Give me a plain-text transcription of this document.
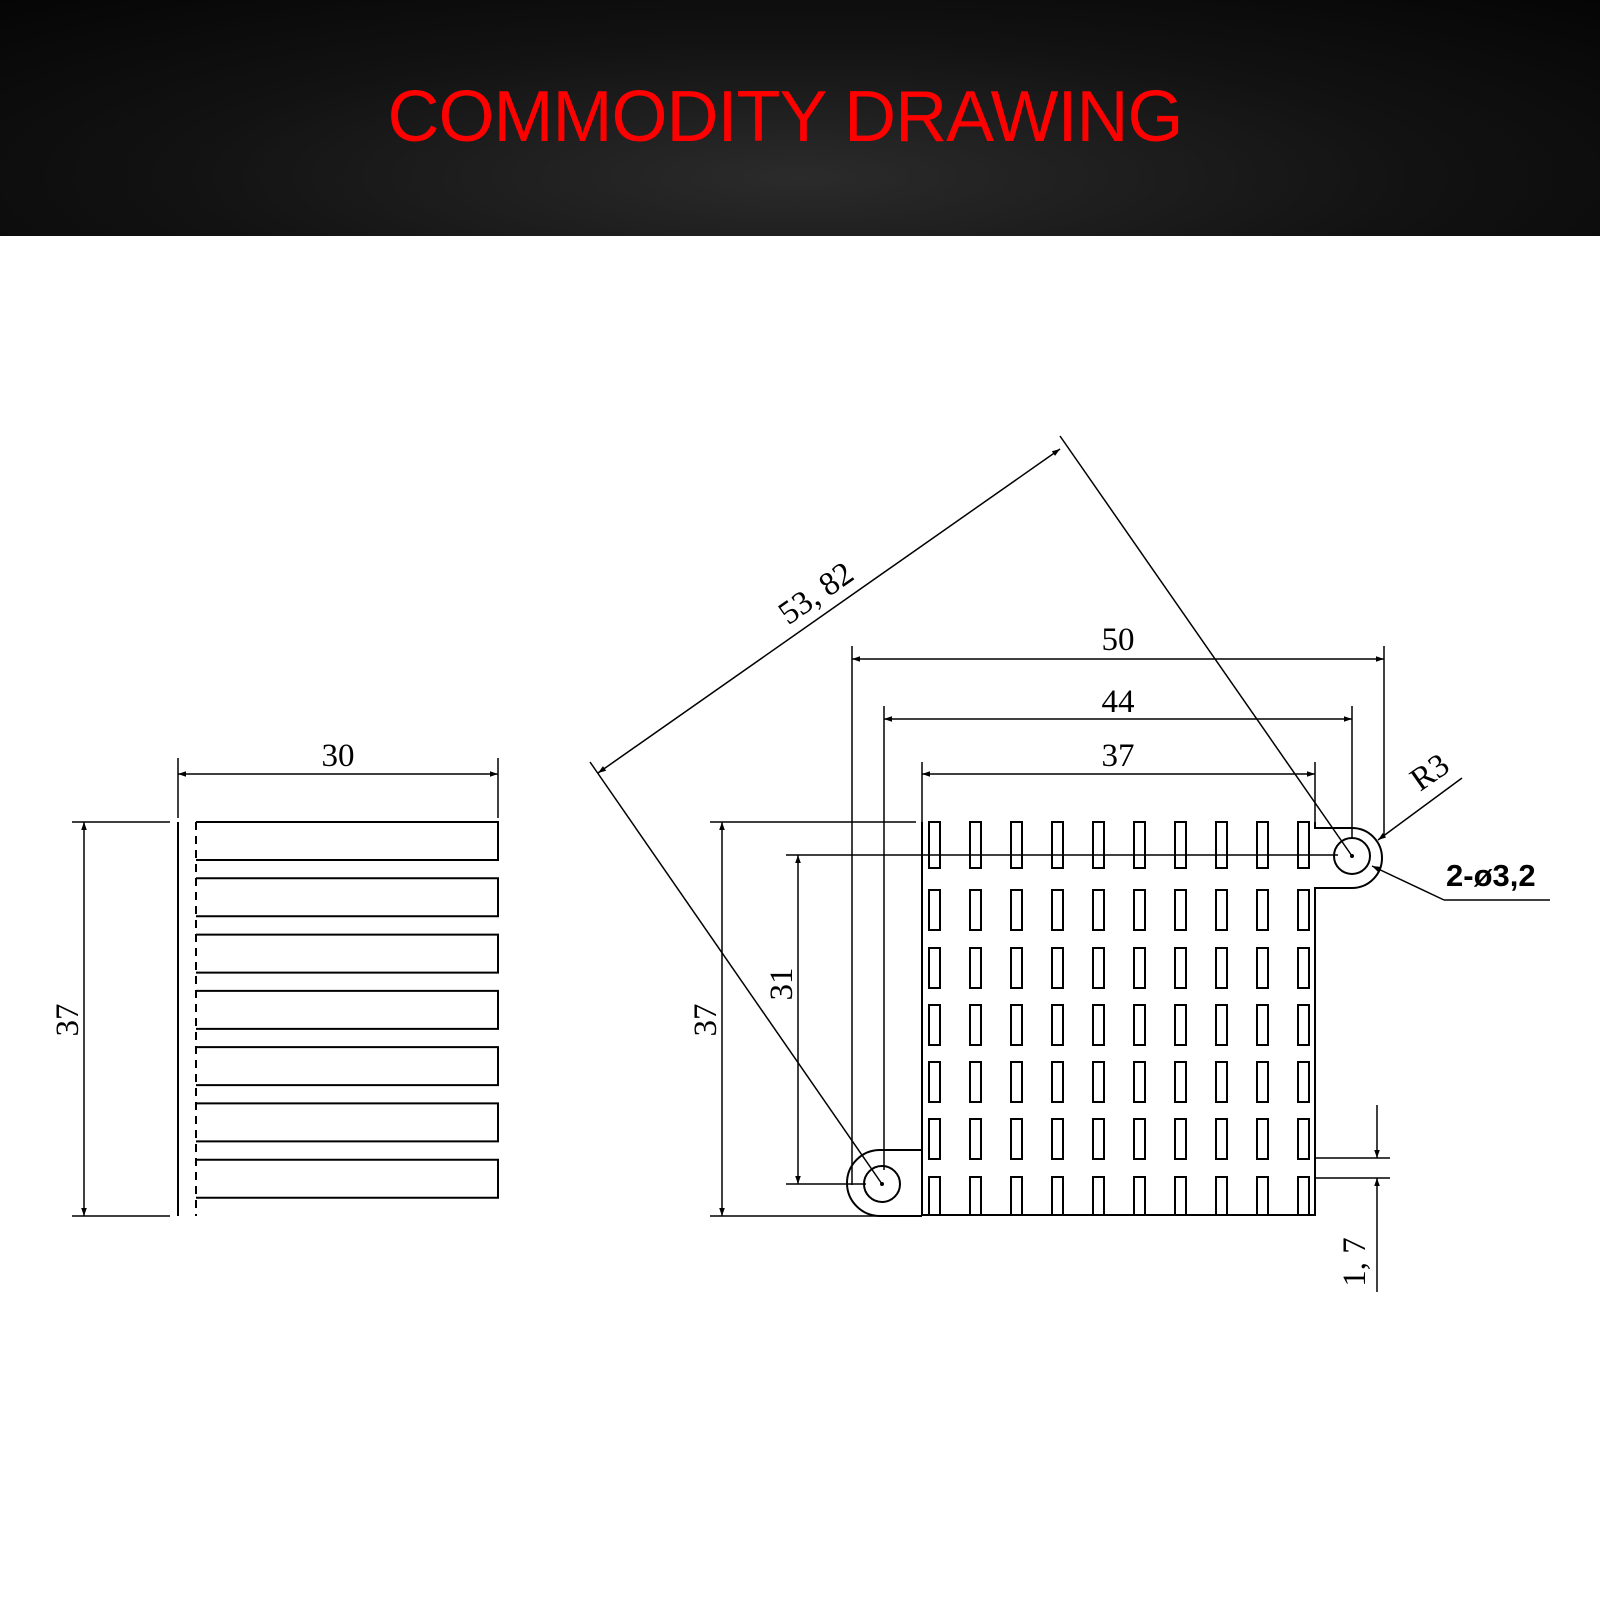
COMMODITY DRAWING
30
37
50
44
37
37
31
53, 82
R3
2-ø3,2
1, 7
